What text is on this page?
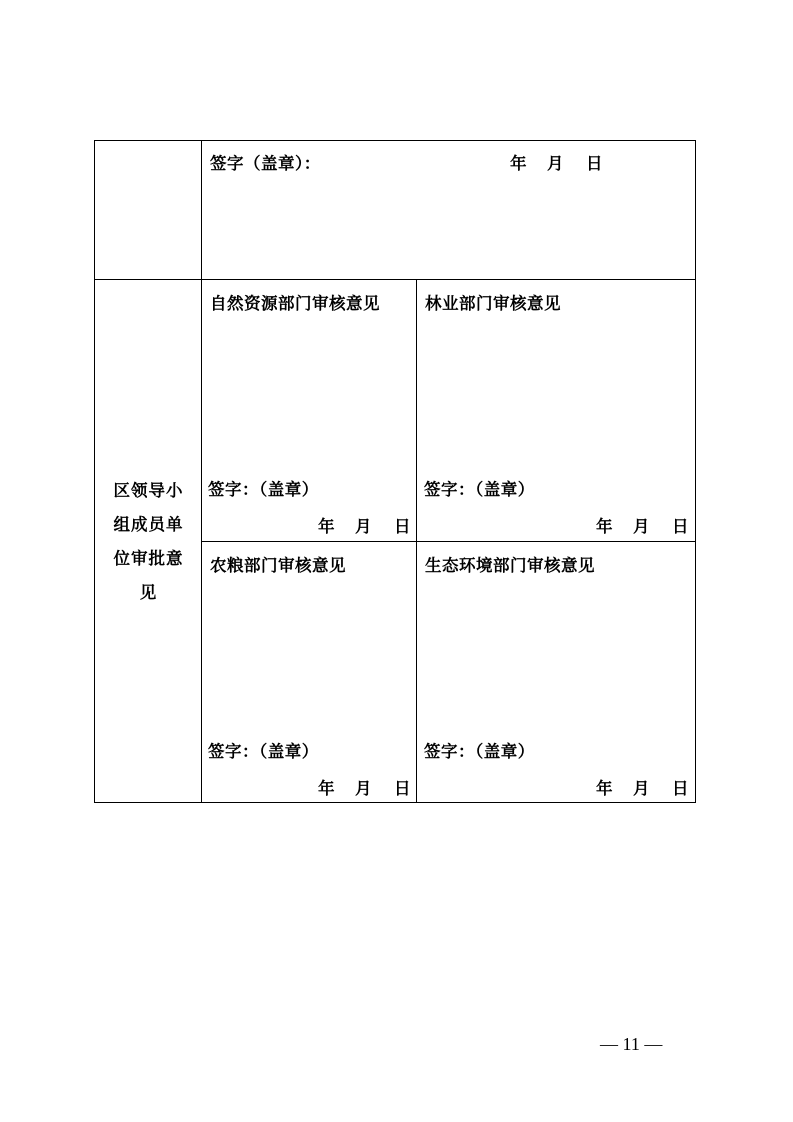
签字（盖章）：	年 月 日
区领导小
组成员单
位审批意
见
自然资源部门审核意见
签字：（盖章）
年 月 日
林业部门审核意见
签字：（盖章）
年 月 日
农粮部门审核意见
签字：（盖章）
年 月 日
生态环境部门审核意见
签字：（盖章）
年 月 日
— 11 —
